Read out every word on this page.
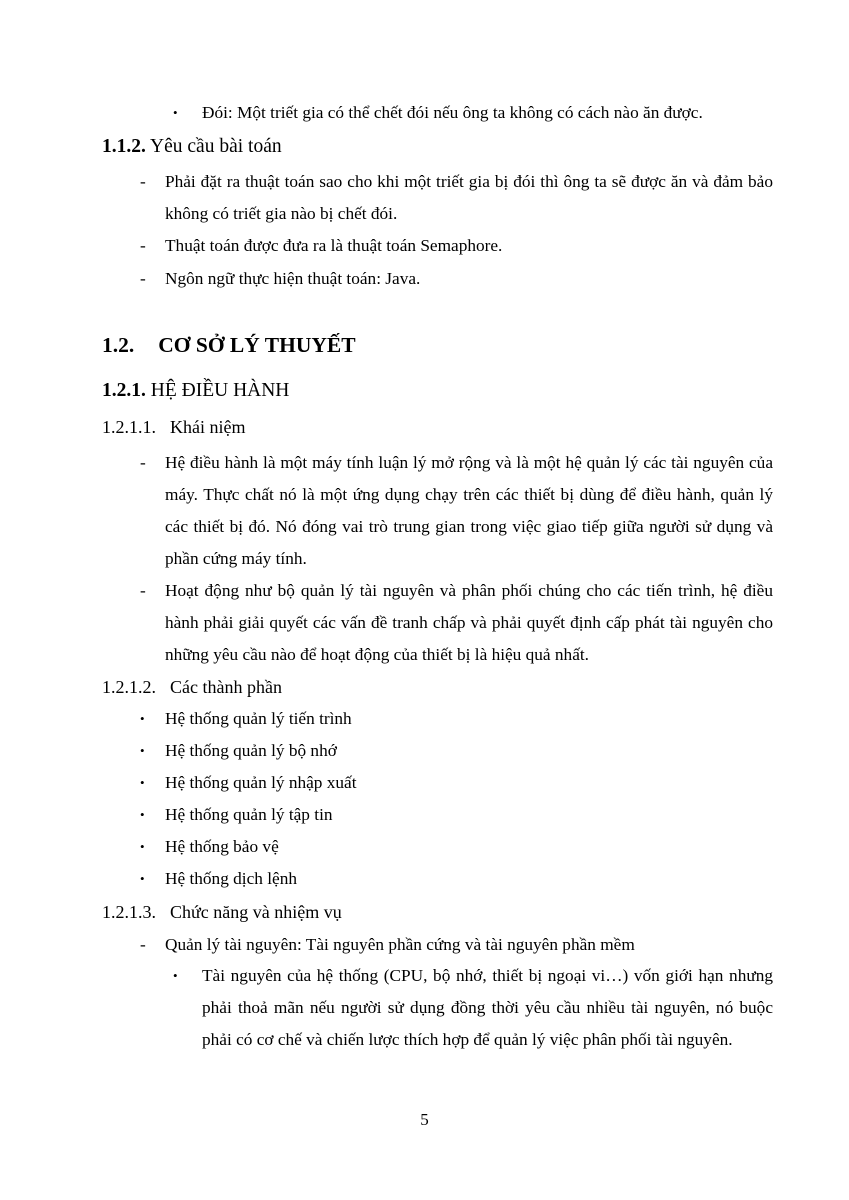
• Đói: Một triết gia có thể chết đói nếu ông ta không có cách nào ăn được.
1.1.2. Yêu cầu bài toán
- Phải đặt ra thuật toán sao cho khi một triết gia bị đói thì ông ta sẽ được ăn và đảm bảo không có triết gia nào bị chết đói.
- Thuật toán được đưa ra là thuật toán Semaphore.
- Ngôn ngữ thực hiện thuật toán: Java.
1.2. CƠ SỞ LÝ THUYẾT
1.2.1. HỆ ĐIỀU HÀNH
1.2.1.1. Khái niệm
- Hệ điều hành là một máy tính luận lý mở rộng và là một hệ quản lý các tài nguyên của máy. Thực chất nó là một ứng dụng chạy trên các thiết bị dùng để điều hành, quản lý các thiết bị đó. Nó đóng vai trò trung gian trong việc giao tiếp giữa người sử dụng và phần cứng máy tính.
- Hoạt động như bộ quản lý tài nguyên và phân phối chúng cho các tiến trình, hệ điều hành phải giải quyết các vấn đề tranh chấp và phải quyết định cấp phát tài nguyên cho những yêu cầu nào để hoạt động của thiết bị là hiệu quả nhất.
1.2.1.2. Các thành phần
• Hệ thống quản lý tiến trình
• Hệ thống quản lý bộ nhớ
• Hệ thống quản lý nhập xuất
• Hệ thống quản lý tập tin
• Hệ thống bảo vệ
• Hệ thống dịch lệnh
1.2.1.3. Chức năng và nhiệm vụ
- Quản lý tài nguyên: Tài nguyên phần cứng và tài nguyên phần mềm
• Tài nguyên của hệ thống (CPU, bộ nhớ, thiết bị ngoại vi…) vốn giới hạn nhưng phải thoả mãn nếu người sử dụng đồng thời yêu cầu nhiều tài nguyên, nó buộc phải có cơ chế và chiến lược thích hợp để quản lý việc phân phối tài nguyên.
5
